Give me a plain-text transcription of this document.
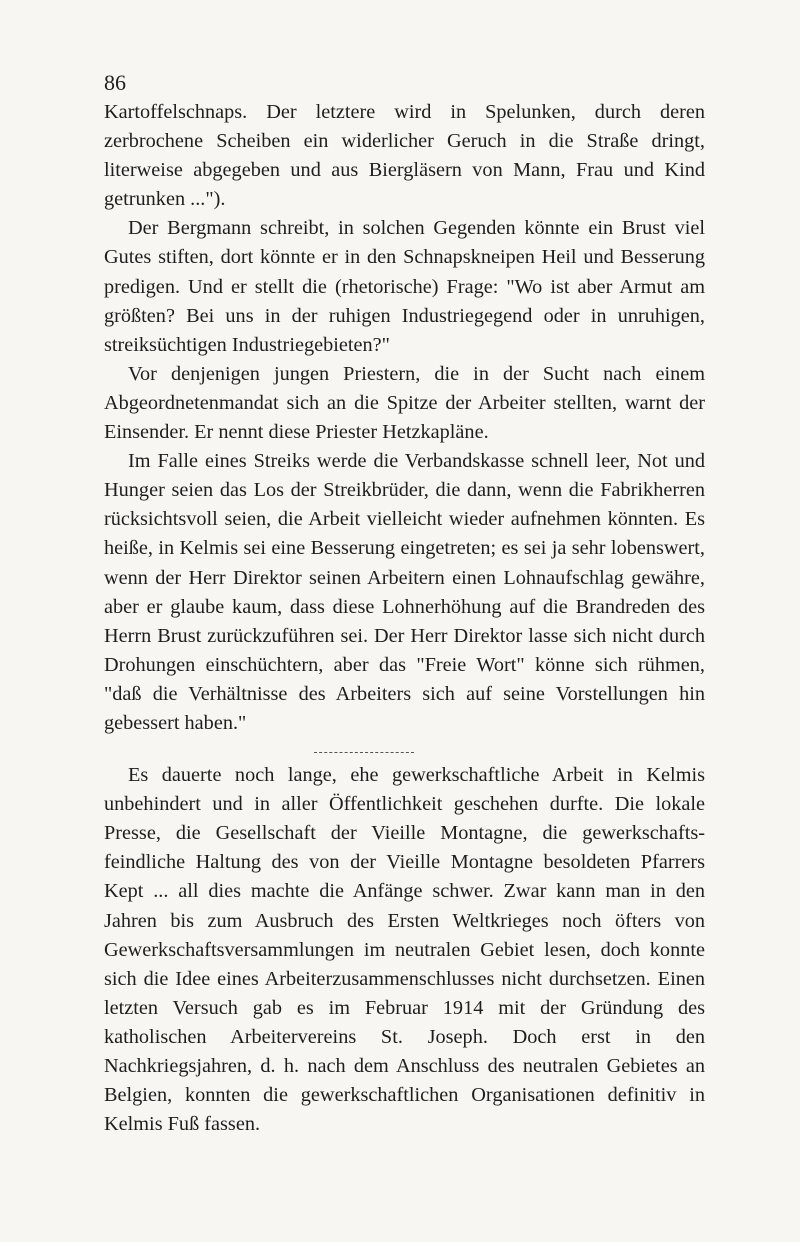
86

Kartoffelschnaps. Der letztere wird in Spelunken, durch deren zerbrochene Scheiben ein widerlicher Geruch in die Straße dringt, literweise abgegeben und aus Biergläsern von Mann, Frau und Kind getrunken ...").

Der Bergmann schreibt, in solchen Gegenden könnte ein Brust viel Gutes stiften, dort könnte er in den Schnapskneipen Heil und Besserung predigen. Und er stellt die (rhetorische) Frage: "Wo ist aber Armut am größten? Bei uns in der ruhigen Industriegegend oder in unruhigen, streiksüchtigen Industriegebieten?"

Vor denjenigen jungen Priestern, die in der Sucht nach einem Abgeordnetenmandat sich an die Spitze der Arbeiter stellten, warnt der Einsender. Er nennt diese Priester Hetzkapläne.

Im Falle eines Streiks werde die Verbandskasse schnell leer, Not und Hunger seien das Los der Streikbrüder, die dann, wenn die Fabrikherren rücksichtsvoll seien, die Arbeit vielleicht wieder aufnehmen könnten. Es heiße, in Kelmis sei eine Besserung eingetreten; es sei ja sehr lobenswert, wenn der Herr Direktor seinen Arbeitern einen Lohnaufschlag gewähre, aber er glaube kaum, dass diese Lohnerhöhung auf die Brandreden des Herrn Brust zurückzuführen sei. Der Herr Direktor lasse sich nicht durch Drohungen einschüchtern, aber das "Freie Wort" könne sich rühmen, "daß die Verhältnisse des Arbeiters sich auf seine Vorstellungen hin gebessert haben."

Es dauerte noch lange, ehe gewerkschaftliche Arbeit in Kelmis unbehindert und in aller Öffentlichkeit geschehen durfte. Die lokale Presse, die Gesellschaft der Vieille Montagne, die gewerkschafts-feindliche Haltung des von der Vieille Montagne besoldeten Pfarrers Kept ... all dies machte die Anfänge schwer. Zwar kann man in den Jahren bis zum Ausbruch des Ersten Weltkrieges noch öfters von Gewerkschaftsversammlungen im neutralen Gebiet lesen, doch konnte sich die Idee eines Arbeiterzusammenschlusses nicht durchsetzen. Einen letzten Versuch gab es im Februar 1914 mit der Gründung des katholischen Arbeitervereins St. Joseph. Doch erst in den Nachkriegsjahren, d. h. nach dem Anschluss des neutralen Gebietes an Belgien, konnten die gewerkschaftlichen Organisationen definitiv in Kelmis Fuß fassen.
